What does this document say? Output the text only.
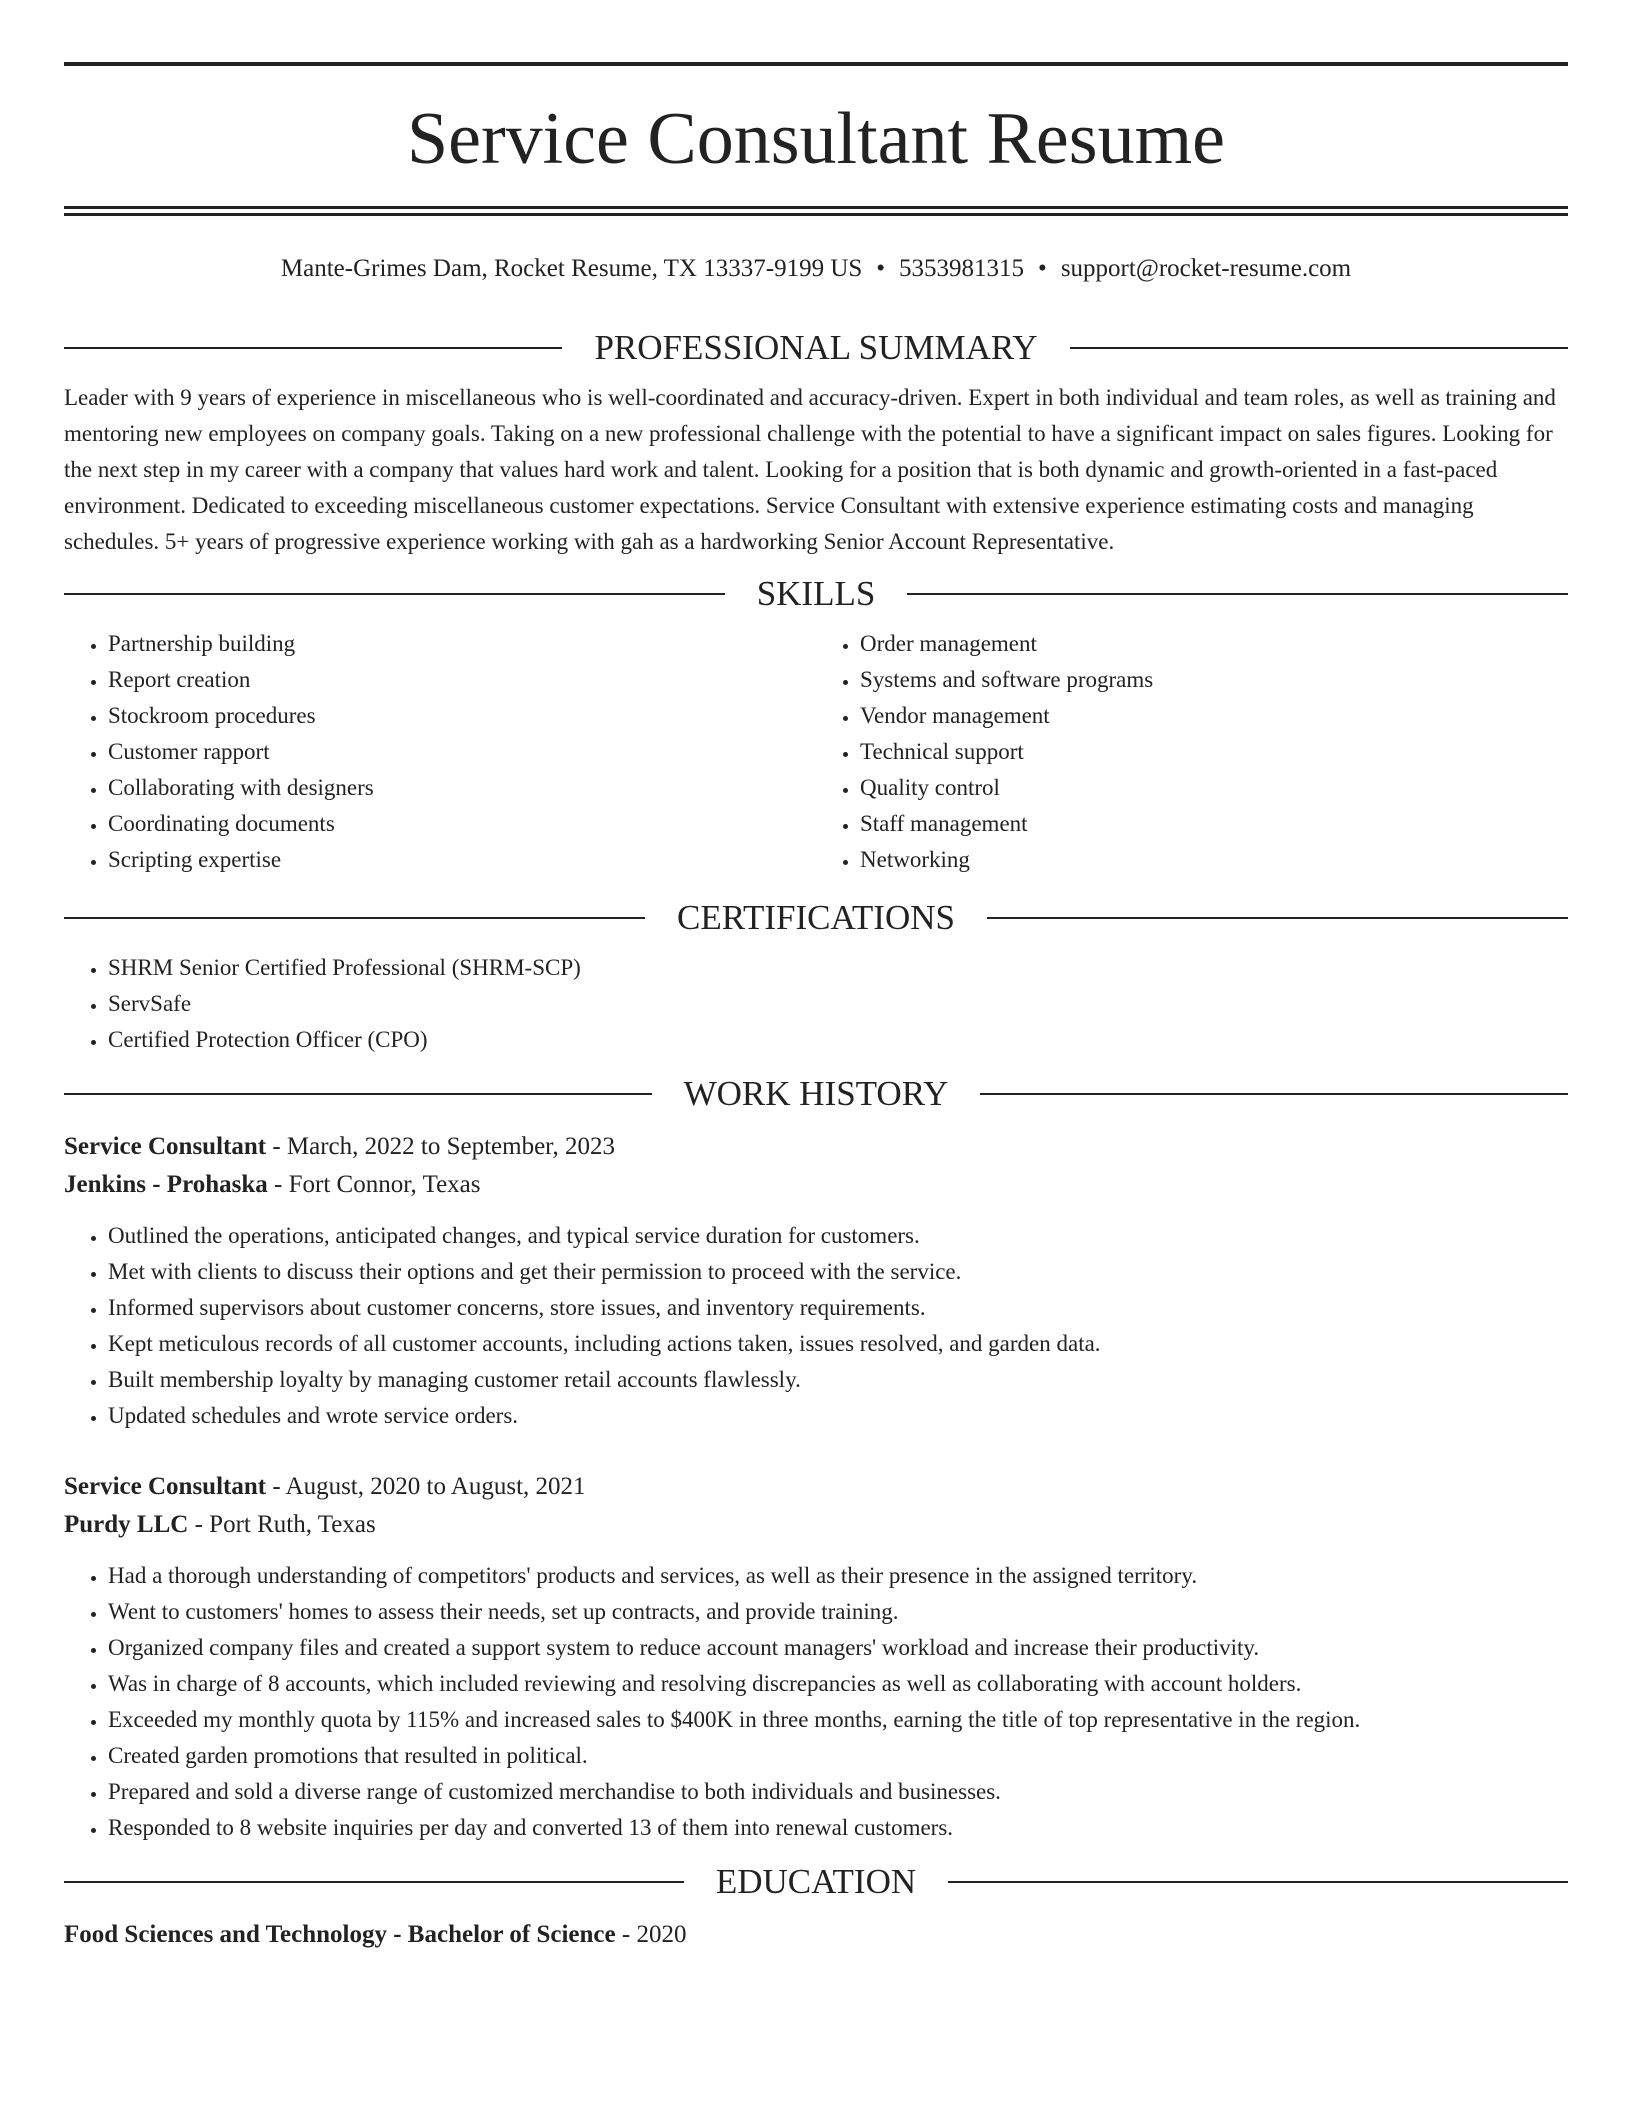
Service Consultant Resume
Mante-Grimes Dam, Rocket Resume, TX 13337-9199 US • 5353981315 • support@rocket-resume.com
PROFESSIONAL SUMMARY

Leader with 9 years of experience in miscellaneous who is well-coordinated and accuracy-driven. Expert in both individual and team roles, as well as training and mentoring new employees on company goals. Taking on a new professional challenge with the potential to have a significant impact on sales figures. Looking for the next step in my career with a company that values hard work and talent. Looking for a position that is both dynamic and growth-oriented in a fast-paced environment. Dedicated to exceeding miscellaneous customer expectations. Service Consultant with extensive experience estimating costs and managing schedules. 5+ years of progressive experience working with gah as a hardworking Senior Account Representative.

SKILLS
• Partnership building
• Report creation
• Stockroom procedures
• Customer rapport
• Collaborating with designers
• Coordinating documents
• Scripting expertise
• Order management
• Systems and software programs
• Vendor management
• Technical support
• Quality control
• Staff management
• Networking
CERTIFICATIONS
• SHRM Senior Certified Professional (SHRM-SCP)
• ServSafe
• Certified Protection Officer (CPO)
WORK HISTORY
Service Consultant - March, 2022 to September, 2023
Jenkins - Prohaska - Fort Connor, Texas
• Outlined the operations, anticipated changes, and typical service duration for customers.
• Met with clients to discuss their options and get their permission to proceed with the service.
• Informed supervisors about customer concerns, store issues, and inventory requirements.
• Kept meticulous records of all customer accounts, including actions taken, issues resolved, and garden data.
• Built membership loyalty by managing customer retail accounts flawlessly.
• Updated schedules and wrote service orders.
Service Consultant - August, 2020 to August, 2021
Purdy LLC - Port Ruth, Texas
• Had a thorough understanding of competitors' products and services, as well as their presence in the assigned territory.
• Went to customers' homes to assess their needs, set up contracts, and provide training.
• Organized company files and created a support system to reduce account managers' workload and increase their productivity.
• Was in charge of 8 accounts, which included reviewing and resolving discrepancies as well as collaborating with account holders.
• Exceeded my monthly quota by 115% and increased sales to $400K in three months, earning the title of top representative in the region.
• Created garden promotions that resulted in political.
• Prepared and sold a diverse range of customized merchandise to both individuals and businesses.
• Responded to 8 website inquiries per day and converted 13 of them into renewal customers.
EDUCATION
Food Sciences and Technology - Bachelor of Science - 2020
